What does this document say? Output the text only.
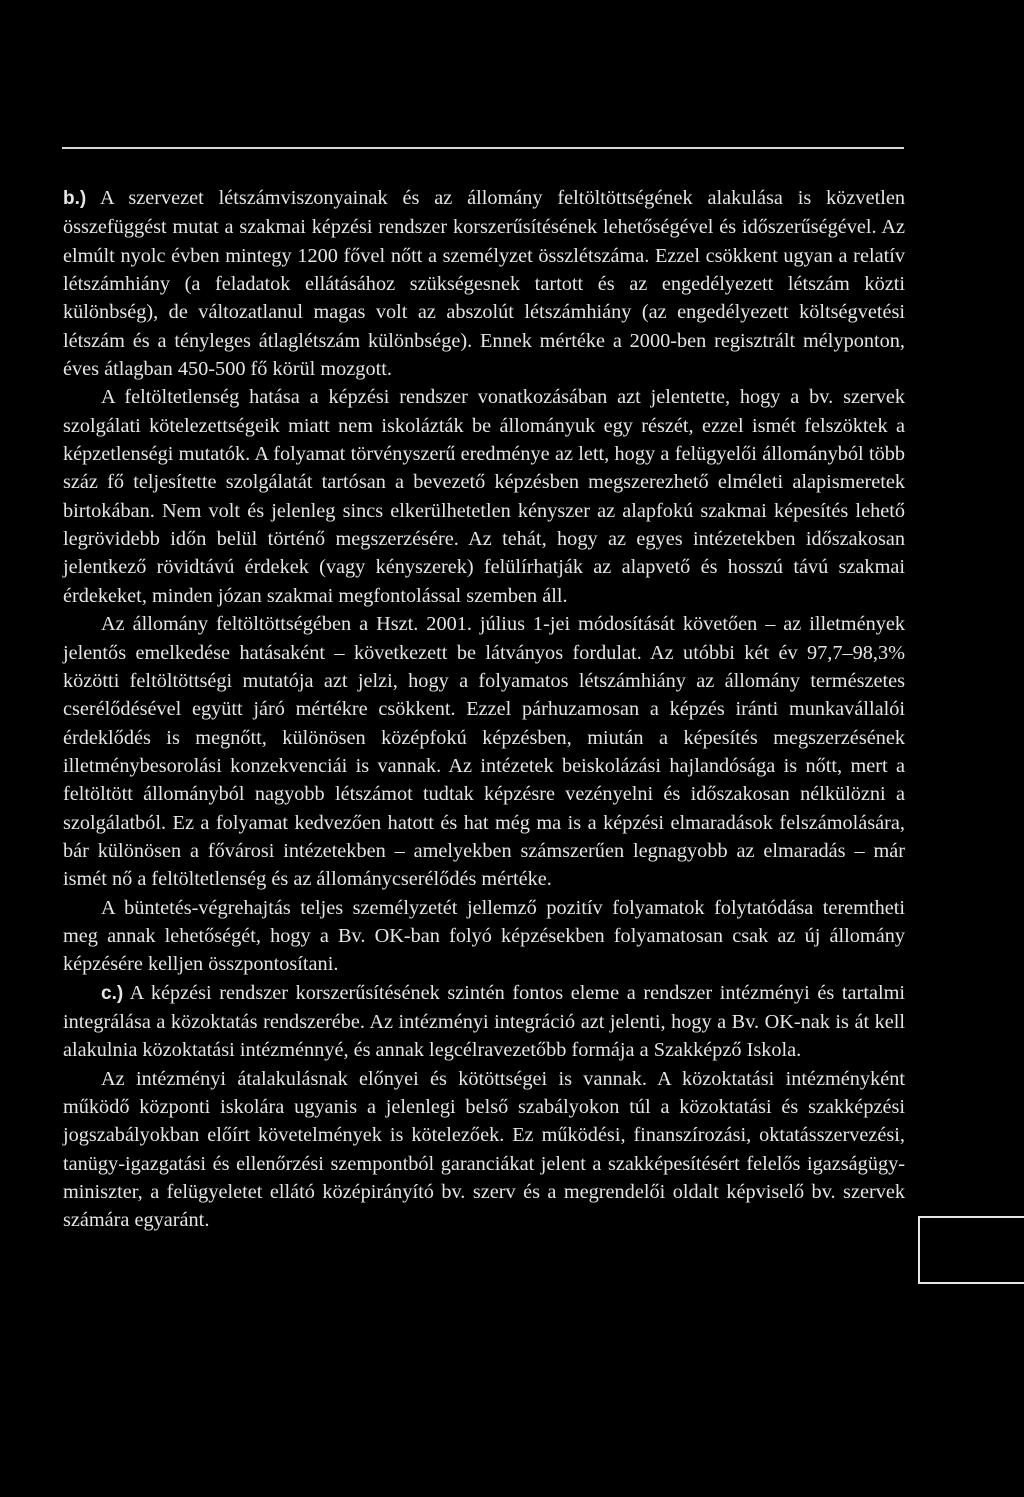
b.) A szervezet létszámviszonyainak és az állomány feltöltöttségének alakulása is közvetlen összefüggést mutat a szakmai képzési rendszer korszerűsítésének lehetőségével és időszerűségével. Az elmúlt nyolc évben mintegy 1200 fővel nőtt a személyzet összlétszáma. Ezzel csökkent ugyan a relatív létszámhiány (a feladatok ellátásához szükségesnek tartott és az engedélyezett létszám közti különbség), de változatlanul magas volt az abszolút létszámhiány (az engedélyezett költségvetési létszám és a tényleges átlaglétszám különbsége). Ennek mértéke a 2000-ben regisztrált mélyponton, éves átlagban 450-500 fő körül mozgott.

A feltöltetlenség hatása a képzési rendszer vonatkozásában azt jelentette, hogy a bv. szervek szolgálati kötelezettségeik miatt nem iskolázták be állományuk egy részét, ezzel ismét felszöktek a képzetlenségi mutatók. A folyamat törvényszerű eredménye az lett, hogy a felügyelői állományból több száz fő teljesítette szolgálatát tartósan a bevezető képzésben megszerezhető elméleti alapismeretek birtokában. Nem volt és jelenleg sincs elkerülhetetlen kényszer az alapfokú szakmai képesítés lehető legrövidebb időn belül történő megszerzésére. Az tehát, hogy az egyes intézetekben időszakosan jelentkező rövidtávú érdekek (vagy kényszerek) felülírhatják az alapvető és hosszú távú szakmai érdekeket, minden józan szakmai megfontolással szemben áll.

Az állomány feltöltöttségében a Hszt. 2001. július 1-jei módosítását követően – az illetmények jelentős emelkedése hatásaként – következett be látványos fordulat. Az utóbbi két év 97,7–98,3% közötti feltöltöttségi mutatója azt jelzi, hogy a folyamatos létszámhiány az állomány természetes cserélődésével együtt járó mértékre csökkent. Ezzel párhuzamosan a képzés iránti munkavállalói érdeklődés is megnőtt, különösen középfokú képzésben, miután a képesítés megszerzésének illetménybesorolási konzekvenciái is vannak. Az intézetek beiskolázási hajlandósága is nőtt, mert a feltöltött állományból nagyobb létszámot tudtak képzésre vezényelni és időszakosan nélkülözni a szolgálatból. Ez a folyamat kedvezően hatott és hat még ma is a képzési elmaradások felszámolására, bár különösen a fővárosi intézetekben – amelyekben számszerűen legnagyobb az elmaradás – már ismét nő a feltöltetlenség és az állománycserélődés mértéke.

A büntetés-végrehajtás teljes személyzetét jellemző pozitív folyamatok folytatódása teremtheti meg annak lehetőségét, hogy a Bv. OK-ban folyó képzésekben folyamatosan csak az új állomány képzésére kelljen összpontosítani.

c.) A képzési rendszer korszerűsítésének szintén fontos eleme a rendszer intézményi és tartalmi integrálása a közoktatás rendszerébe. Az intézményi integráció azt jelenti, hogy a Bv. OK-nak is át kell alakulnia közoktatási intézménnyé, és annak legcélravezetőbb formája a Szakképző Iskola.

Az intézményi átalakulásnak előnyei és kötöttségei is vannak. A közoktatási intézményként működő központi iskolára ugyanis a jelenlegi belső szabályokon túl a közoktatási és szakképzési jogszabályokban előírt követelmények is kötelezőek. Ez működési, finanszírozási, oktatásszervezési, tanügy-igazgatási és ellenőrzési szempontból garanciákat jelent a szakképesítésért felelős igazságügy-miniszter, a felügyeletet ellátó középirányító bv. szerv és a megrendelői oldalt képviselő bv. szervek számára egyaránt.
